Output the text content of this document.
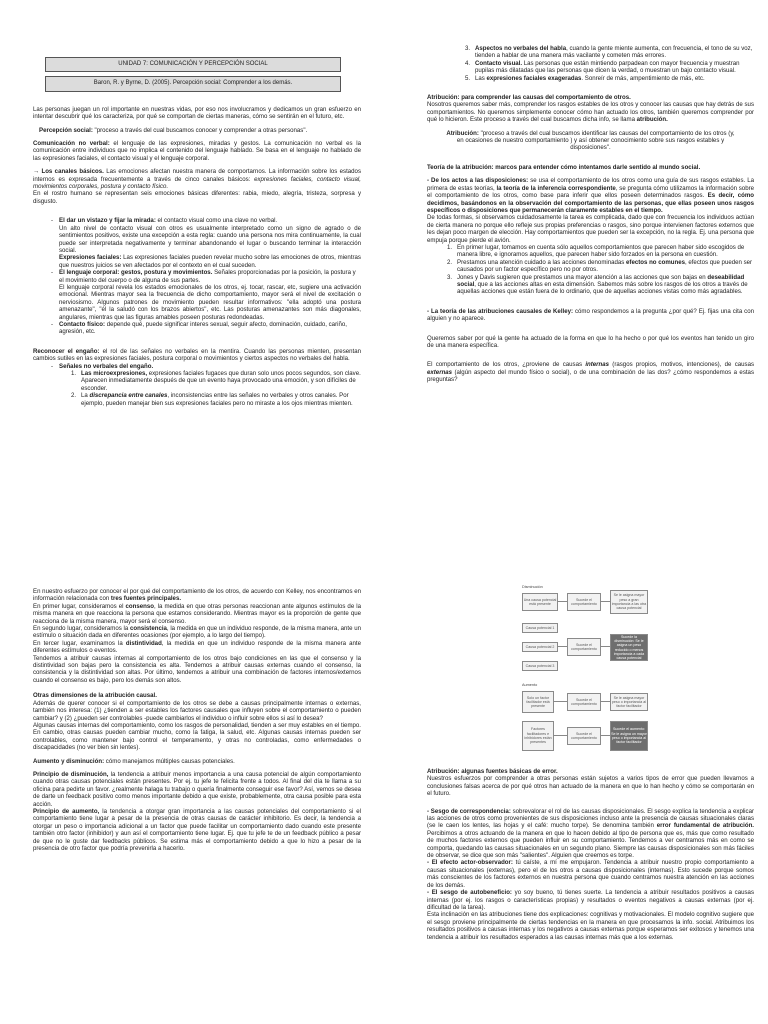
UNIDAD 7: COMUNICACIÓN Y PERCEPCIÓN SOCIAL
Baron, R. y Byrne, D. (2005). Percepción social: Comprender a los demás.

Las personas juegan un rol importante en nuestras vidas, por eso nos involucramos y dedicamos un gran esfuerzo en intentar descubrir qué los caracteriza, por qué se comportan de ciertas maneras, cómo se sentirán en el futuro, etc.

Percepción social: "proceso a través del cual buscamos conocer y comprender a otras personas".

Comunicación no verbal: el lenguaje de las expresiones, miradas y gestos. La comunicación no verbal es la comunicación entre individuos que no implica el contenido del lenguaje hablado. Se basa en el lenguaje no hablado de las expresiones faciales, el contacto visual y el lenguaje corporal.

→ Los canales básicos. Las emociones afectan nuestra manera de comportarnos. La información sobre los estados internos es expresada frecuentemente a través de cinco canales básicos: expresiones faciales, contacto visual, movimientos corporales, postura y contacto físico.
En el rostro humano se representan seis emociones básicas diferentes: rabia, miedo, alegría, tristeza, sorpresa y disgusto.

- El dar un vistazo y fijar la mirada: el contacto visual como una clave no verbal.

Un alto nivel de contacto visual con otros es usualmente interpretado como un signo de agrado o de sentimientos positivos, existe una excepción a esta regla: cuando una persona nos mira continuamente, la cual puede ser interpretada negativamente y terminar abandonando el lugar o buscando terminar la interacción social.
Expresiones faciales: Las expresiones faciales pueden revelar mucho sobre las emociones de otros, mientras que nuestros juicios se ven afectados por el contexto en el cual suceden.

- El lenguaje corporal: gestos, postura y movimientos. Señales proporcionadas por la posición, la postura y el movimiento del cuerpo o de alguna de sus partes.

El lenguaje corporal revela los estados emocionales de los otros, ej. tocar, rascar, etc, sugiere una activación emocional. Mientras mayor sea la frecuencia de dicho comportamiento, mayor será el nivel de excitación o nerviosismo. Algunos patrones de movimiento pueden resultar informativos: "ella adoptó una postura amenazante", "él la saludó con los brazos abiertos", etc. Las posturas amenazantes son más diagonales, angulares, mientras que las figuras amables poseen posturas redondeadas.

- Contacto físico: depende qué, puede significar interes sexual, seguir afecto, dominación, cuidado, cariño, agresión, etc.

Reconocer el engaño: el rol de las señales no verbales en la mentira. Cuando las personas mienten, presentan cambios sutiles en las expresiones faciales, postura corporal o movimientos y ciertos aspectos no verbales del habla.

- Señales no verbales del engaño.
1. Las microexpresiones, expresiones faciales fugaces que duran solo unos pocos segundos, son clave. Aparecen inmediatamente después de que un evento haya provocado una emoción, y son difíciles de esconder.
2. La discrepancia entre canales, inconsistencias entre las señales no verbales y otros canales. Por ejemplo, pueden manejar bien sus expresiones faciales pero no miraste a los ojos mientras mienten.
3. Aspectos no verbales del habla, cuando la gente miente aumenta, con frecuencia, el tono de su voz, tienden a hablar de una manera más vacilante y cometen más errores.
4. Contacto visual. Las personas que están mintiendo parpadean con mayor frecuencia y muestran pupilas más dilatadas que las personas que dicen la verdad, o muestran un bajo contacto visual.
5. Las expresiones faciales exageradas. Sonreír de más, ampentimiento de más, etc.

Atribución: para comprender las causas del comportamiento de otros.
Nosotros queremos saber más, comprender los rasgos estables de los otros y conocer las causas que hay detrás de sus comportamientos. No queremos simplemente conocer cómo han actuado los otros, también queremos comprender por qué lo hicieron. Este proceso a través del cual buscamos dicha info, se llama atribución.

Atribución: "proceso a través del cual buscamos identificar las causas del comportamiento de los otros (y, en ocasiones de nuestro comportamiento ) y así obtener conocimiento sobre sus rasgos estables y disposiciones".

Teoría de la atribución: marcos para entender cómo intentamos darle sentido al mundo social.

- De los actos a las disposiciones: se usa el comportamiento de los otros como una guía de sus rasgos estables. La primera de estas teorías, la teoría de la inferencia correspondiente, se pregunta cómo utilizamos la información sobre el comportamiento de los otros, como base para inferir que ellos poseen determinados rasgos. Es decir, cómo decidimos, basándonos en la observación del comportamiento de las personas, que ellas poseen unos rasgos específicos o disposiciones que permanecerán claramente estables en el tiempo.
De todas formas, si observamos cuidadosamente la tarea es complicada, dado que con frecuencia los individuos actúan de cierta manera no porque ello refleje sus propias preferencias o rasgos, sino porque intervienen factores externos que les dejan poco margen de elección. Hay comportamientos que pueden ser la excepción, no la regla. Ej. una persona que empuja porque pierde el avión.

1. En primer lugar, tomamos en cuenta sólo aquellos comportamientos que parecen haber sido escogidos de manera libre, e ignoramos aquellos, que parecen haber sido forzados en la persona en cuestión.
2. Prestamos una atención cuidado a las acciones denominadas efectos no comunes, efectos que pueden ser causados por un factor específico pero no por otros.
3. Jones y Davis sugieren que prestamos una mayor atención a las acciones que son bajas en deseabilidad social, que a las acciones altas en esta dimensión. Sabemos más sobre los rasgos de los otros a través de aquellas acciones que están fuera de lo ordinario, que de aquellas acciones vistas como más agradables.

- La teoría de las atribuciones causales de Kelley: cómo respondemos a la pregunta ¿por qué? Ej. fijas una cita con alguien y no aparece.

Queremos saber por qué la gente ha actuado de la forma en que lo ha hecho o por qué los eventos han tenido un giro de una manera específica.

El comportamiento de los otros, ¿proviene de causas internas (rasgos propios, motivos, intenciones), de causas externas (algún aspecto del mundo físico o social), o de una combinación de las dos? ¿cómo respondemos a estas preguntas?

En nuestro esfuerzo por conocer el por qué del comportamiento de los otros, de acuerdo con Kelley, nos encontramos en información relacionada con tres fuentes principales.
En primer lugar, consideramos el consenso, la medida en que otras personas reaccionan ante algunos estímulos de la misma manera en que reacciona la persona que estamos considerando. Mientras mayor es la proporción de gente que reacciona de la misma manera, mayor será el consenso.
En segundo lugar, consideramos la consistencia, la medida en que un individuo responde, de la misma manera, ante un estímulo o situación dada en diferentes ocasiones (por ejemplo, a lo largo del tiempo).
En tercer lugar, examinamos la distintividad, la medida en que un individuo responde de la misma manera ante diferentes estímulos o eventos.
Tendemos a atribuir causas internas al comportamiento de los otros bajo condiciones en las que el consenso y la distintividad son bajas pero la consistencia es alta. Tendemos a atribuir causas externas cuando el consenso, la consistencia y la distintividad son altas. Por último, tendemos a atribuir una combinación de factores internos/externos cuando el consenso es bajo, pero los demás son altos.

Otras dimensiones de la atribución causal.
Además de querer conocer si el comportamiento de los otros se debe a causas principalmente internas o externas, también nos interesa: (1) ¿tienden a ser estables los factores causales que influyen sobre el comportamiento o pueden cambiar? y (2) ¿pueden ser controlables -puede cambiarlos el individuo o influir sobre ellos si así lo desea?
Algunas causas internas del comportamiento, como los rasgos de personalidad, tienden a ser muy estables en el tiempo. En cambio, otras causas pueden cambiar mucho, como la fatiga, la salud, etc. Algunas causas internas pueden ser controlables, como mantener bajo control el temperamento, y otras no controladas, como enfermedades o discapacidades (no ver bien sin lentes).

Aumento y disminución: cómo manejamos múltiples causas potenciales.

Principio de disminución, la tendencia a atribuir menos importancia a una causa potencial de algún comportamiento cuando otras causas potenciales están presentes. Por ej. tu jefe te felicita frente a todos. Al final del día te llama a su oficina para pedirte un favor. ¿realmente halaga tu trabajo o quería finalmente conseguir ese favor? Así, vemos se desea de darte un feedback positivo como menos importante debido a que existe, probablemente, otra causa posible para esta acción.
Principio de aumento, la tendencia a otorgar gran importancia a las causas potenciales del comportamiento si el comportamiento tiene lugar a pesar de la presencia de otras causas de carácter inhibitorio. Es decir, la tendencia a otorgar un peso o importancia adicional a un factor que puede facilitar un comportamiento dado cuando este presente también otro factor (inhibidor) y aun así el comportamiento tiene lugar. Ej. que tu jefe te de un feedback público a pesar de que no le guste dar feedbacks públicos. Se estima más el comportamiento debido a que lo hizo a pesar de la presencia de otro factor que podría prevenirla a hacerlo.

Disminución
Una causa potencial está presente
Sucede el comportamiento
Se le asigna mayor peso a gran importancia a las otra causa potencial
Causa potencial 1
Causa potencial 2
Causa potencial 3
Sucede el comportamiento
Sucede la disminución: Se le asigna un peso reducido o menos importancia a cada causa potencial
Aumento
Solo un factor facilitador está presente
Sucede el comportamiento
Se le asigna mayor peso o importancia al factor facilitador
Factores facilitadores e inhibidores están presentes
Sucede el comportamiento
Sucede el aumento: Se le asigna un mayor peso o importancia al factor facilitador

Atribución: algunas fuentes básicas de error.
Nuestros esfuerzos por comprender a otras personas están sujetos a varios tipos de error que pueden llevarnos a conclusiones falsas acerca de por qué otros han actuado de la manera en que lo han hecho y cómo se comportarán en el futuro.

- Sesgo de correspondencia: sobrevalorar el rol de las causas disposicionales. El sesgo explica la tendencia a explicar las acciones de otros como provenientes de sus disposiciones incluso ante la presencia de causas situacionales claras (se le caen los lentes, las hojas y el café: mucho torpe). Se denomina también error fundamental de atribución. Percibimos a otros actuando de la manera en que lo hacen debido al tipo de persona que es, más que como resultado de muchos factores externos que pueden influir en su comportamiento. Tendemos a ver centramos más en como se comporta, quedando las causas situacionales en un segundo plano. Siempre las causas disposicionales son más fáciles de observar, se dice que son más "salientes". Alguien que creemos es torpe.
- El efecto actor-observador: tú caíste, a mí me empujaron. Tendencia a atribuir nuestro propio comportamiento a causas situacionales (externas), pero el de los otros a causas disposicionales (internas). Esto sucede porque somos más conscientes de los factores externos en nuestra persona que cuando centramos nuestra atención en las acciones de los demás.
- El sesgo de autobeneficio: yo soy bueno, tú tienes suerte. La tendencia a atribuir resultados positivos a causas internas (por ej. los rasgos o características propias) y resultados o eventos negativos a causas externas (por ej. dificultad de la tarea).
Esta inclinación en las atribuciones tiene dos explicaciones: cognitivas y motivacionales. El modelo cognitivo sugiere que el sesgo proviene principalmente de ciertas tendencias en la manera en que procesamos la info. social. Atribuimos los resultados positivos a causas internas y los negativos a causas externas porque esperamos ser exitosos y tenemos una tendencia a atribuir los resultados esperados a las causas internas más que a los externas.
